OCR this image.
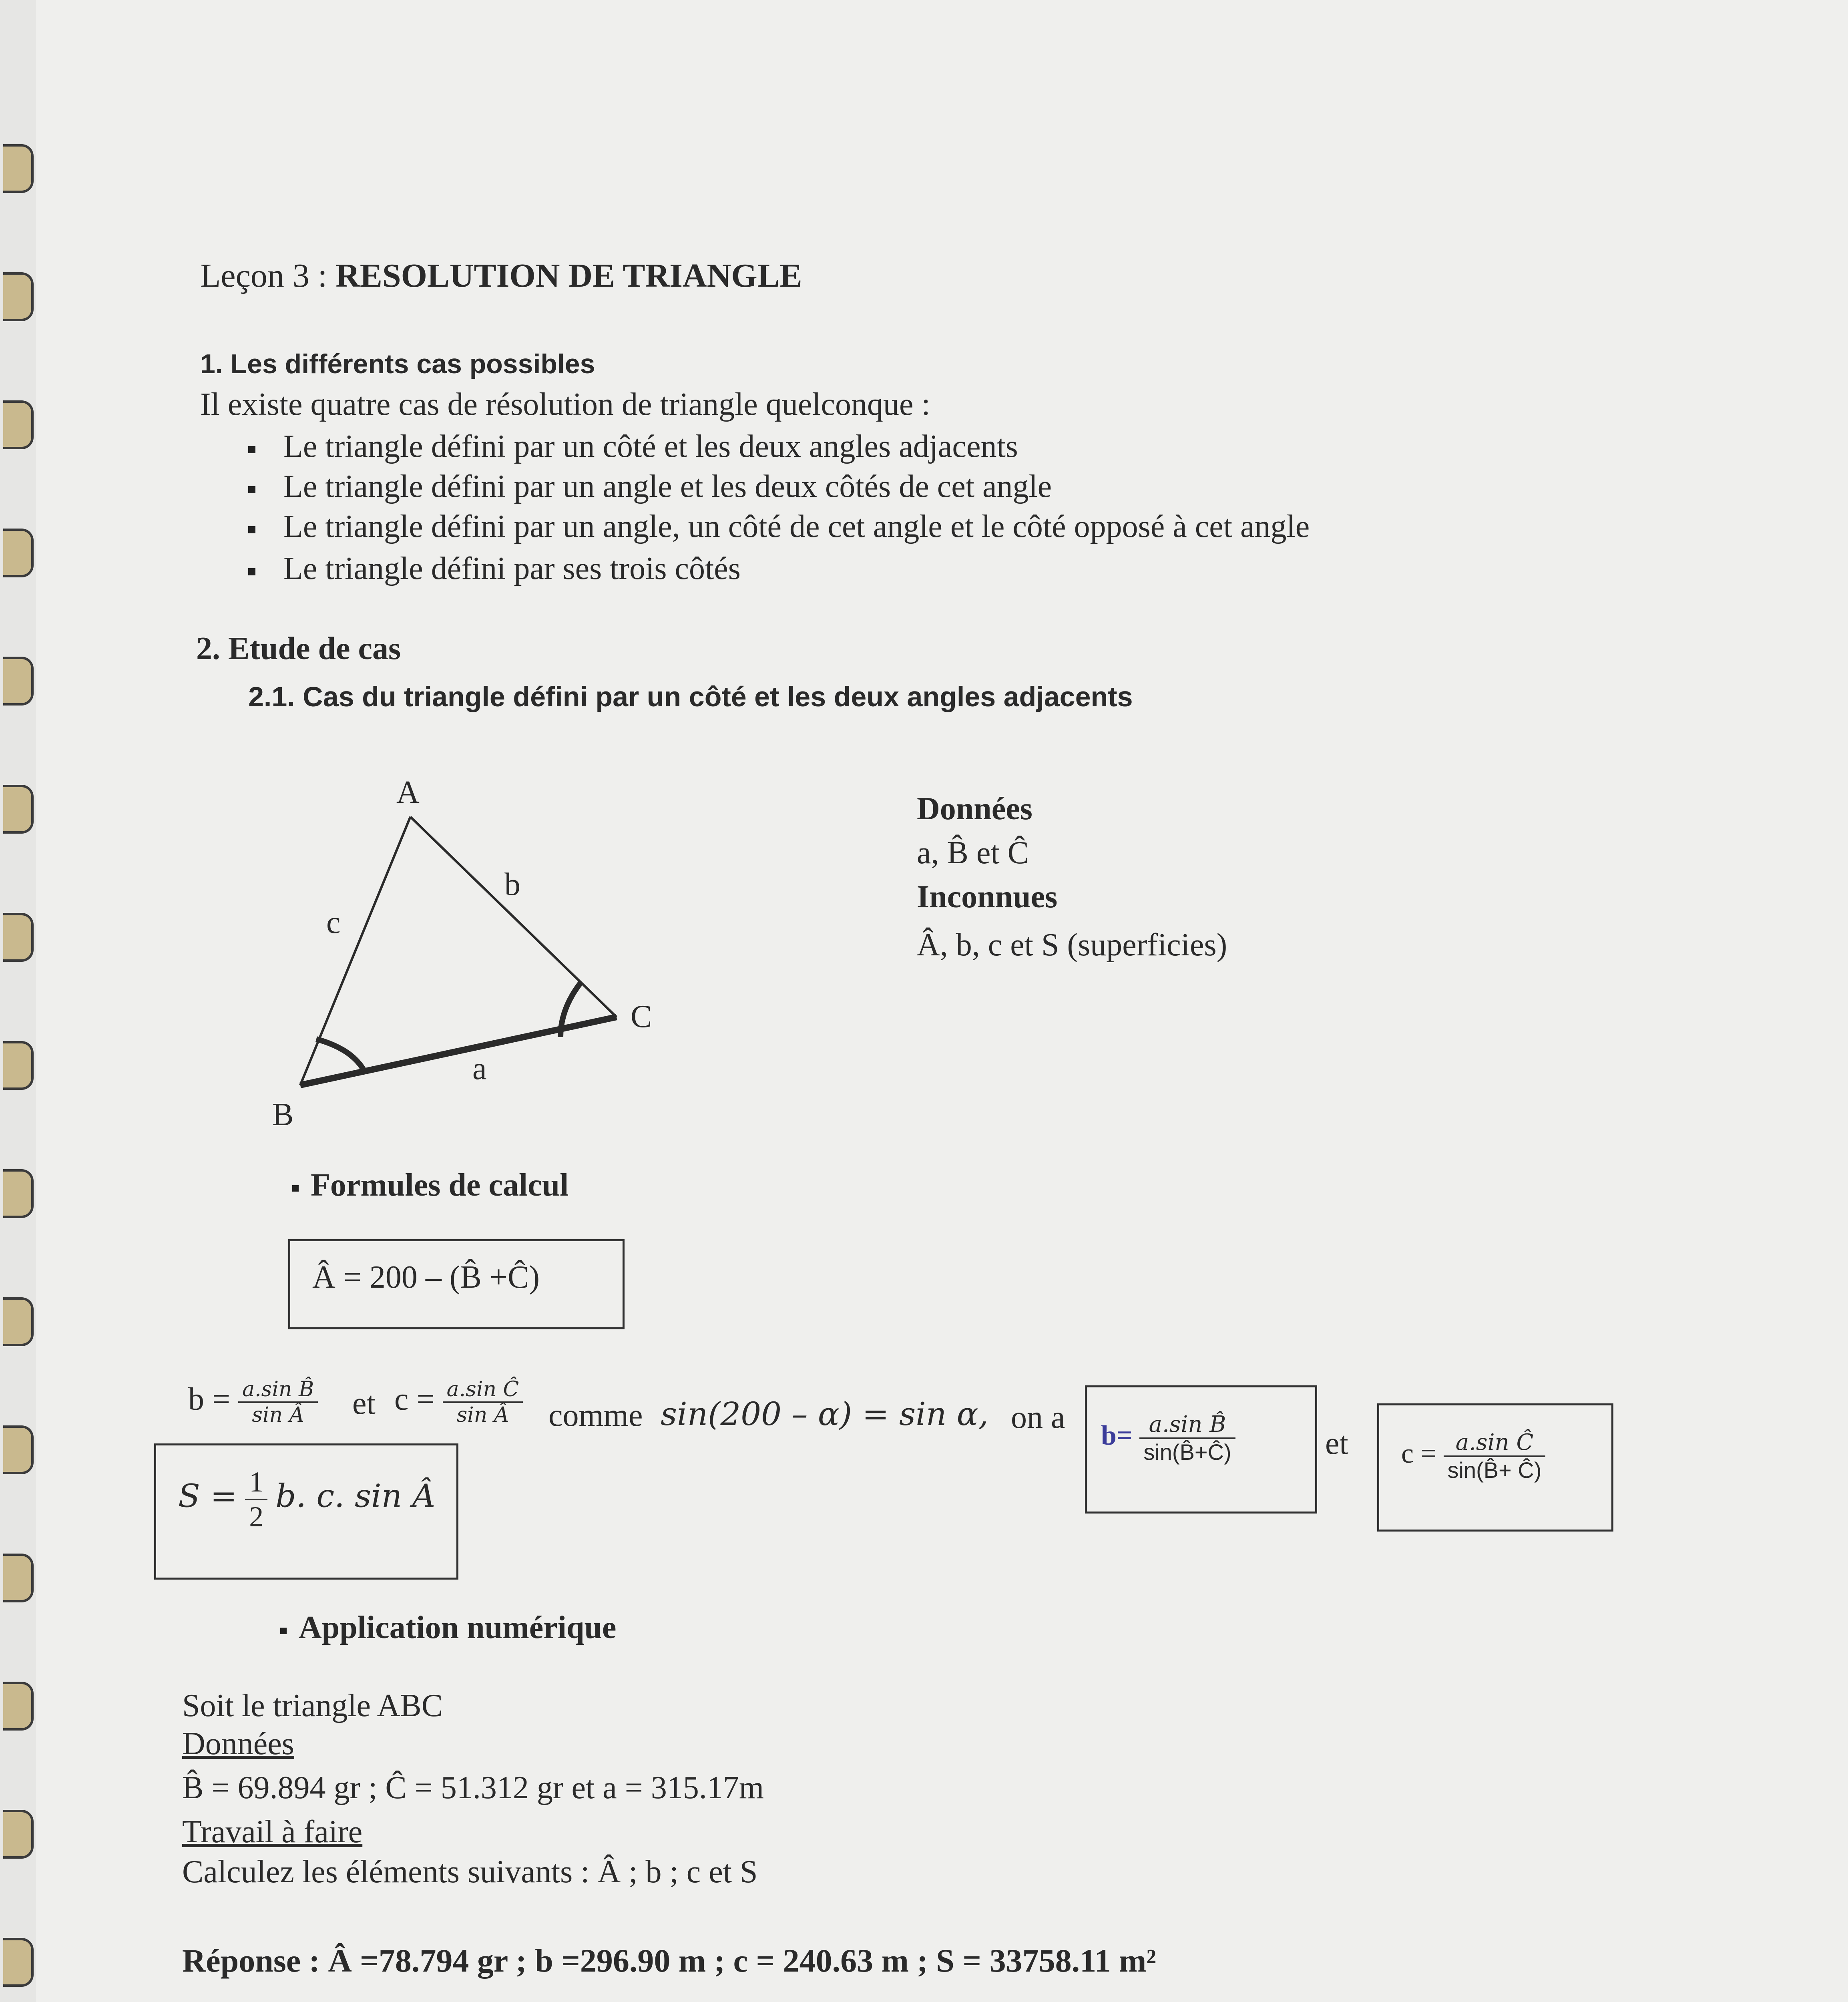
Leçon 3 : RESOLUTION DE TRIANGLE
1. Les différents cas possibles
Il existe quatre cas de résolution de triangle quelconque :
Le triangle défini par un côté et les deux angles adjacents
Le triangle défini par un angle et les deux côtés de cet angle
Le triangle défini par un angle, un côté de cet angle et le côté opposé à cet angle
Le triangle défini par ses trois côtés
2. Etude de cas
2.1. Cas du triangle défini par un côté et les deux angles adjacents
A
B
C
a
b
c
Données
a, B̂ et Ĉ
Inconnues
Â, b, c et S (superficies)
Formules de calcul
Â = 200 – (B̂ +Ĉ)
$b = \frac{\text{a.sin B̂}}{\text{sin Â}}$ et $c = \frac{\text{a.sin Ĉ}}{\text{sin Â}}$ comme sin(200 – α) = sin α, on a
$b= \frac{\text{a.sin B̂}}{\sin(B̂+Ĉ)}$	et $c = \frac{\text{a.sin Ĉ}}{\sin(B̂+ Ĉ)}$
$S = \frac{1}{2} b$. c. sin Â
Application numérique
Soit le triangle ABC
Données
B̂ = 69.894 gr ; Ĉ = 51.312 gr et a = 315.17m
Travail à faire
Calculez les éléments suivants : Â ; b ; c et S
Réponse : Â =78.794 gr ; b =296.90 m ; c = 240.63 m ; S = 33758.11 m²
